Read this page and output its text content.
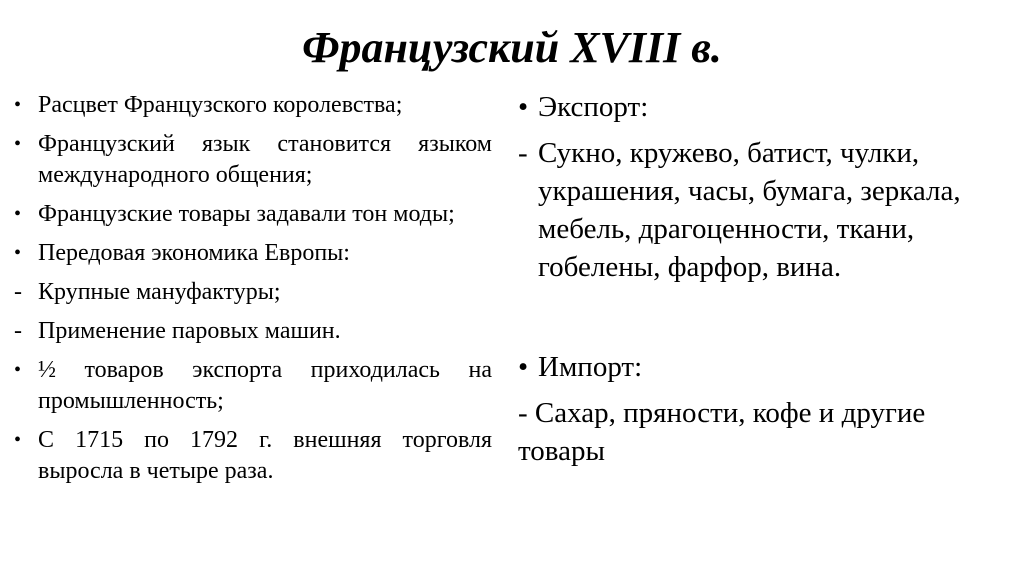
Французский XVIII в.
• Расцвет Французского королевства;
• Французский язык становится языком международного общения;
• Французские товары задавали тон моды;
• Передовая экономика Европы:
- Крупные мануфактуры;
- Применение паровых машин.
• ½ товаров экспорта приходилась на промышленность;
• С 1715 по 1792 г. внешняя торговля выросла в четыре раза.
• Экспорт:
- Сукно, кружево, батист, чулки, украшения, часы, бумага, зеркала, мебель, драгоценности, ткани, гобелены, фарфор, вина.
• Импорт:
- Сахар, пряности, кофе и другие товары
